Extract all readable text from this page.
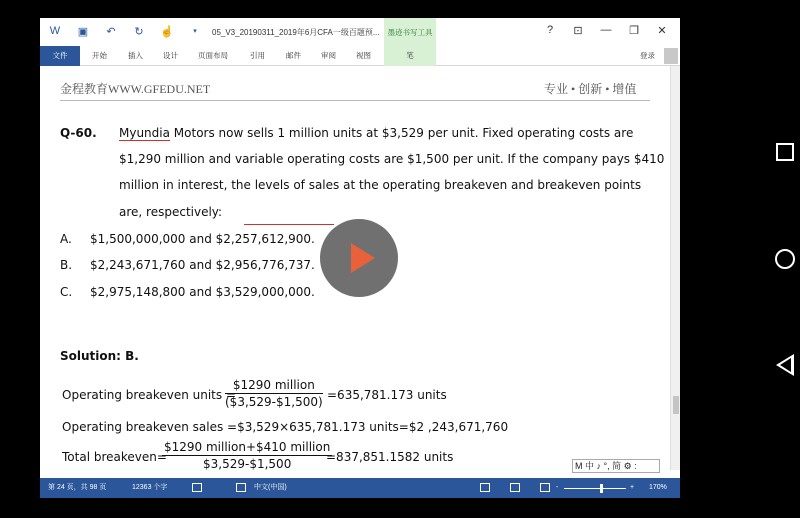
W ▣ ↶ ↻ ☝	▾	05_V3_20190311_2019年6月CFA一级百题预...	墨迹书写工具	?	⊡	— ❐	✕
文件	开始	插入	设计	页面布局	引用	邮件	审阅	视图	笔	登录
金程教育WWW.GFEDU.NET	专业 • 创新 • 增值
Q-60. Myundia Motors now sells 1 million units at $3,529 per unit. Fixed operating costs are
$1,290 million and variable operating costs are $1,500 per unit. If the company pays $410
million in interest, the levels of sales at the operating breakeven and breakeven points
are, respectively:
A. $1,500,000,000 and $2,257,612,900.
B. $2,243,671,760 and $2,956,776,737.
C. $2,975,148,800 and $3,529,000,000.
Solution: B.
Operating breakeven units =
$1290 million
($3,529-$1,500) =635,781.173 units
Operating breakeven sales =$3,529×635,781.173 units=$2 ,243,671,760
Total breakeven=
$1290 million+$410 million
$3,529-$1,500	=837,851.1582 units
M 中 ♪ °, 简 ⚙ :
第 24 页，共 98 页	12363 个字	中文(中国)	-	+ 170%
